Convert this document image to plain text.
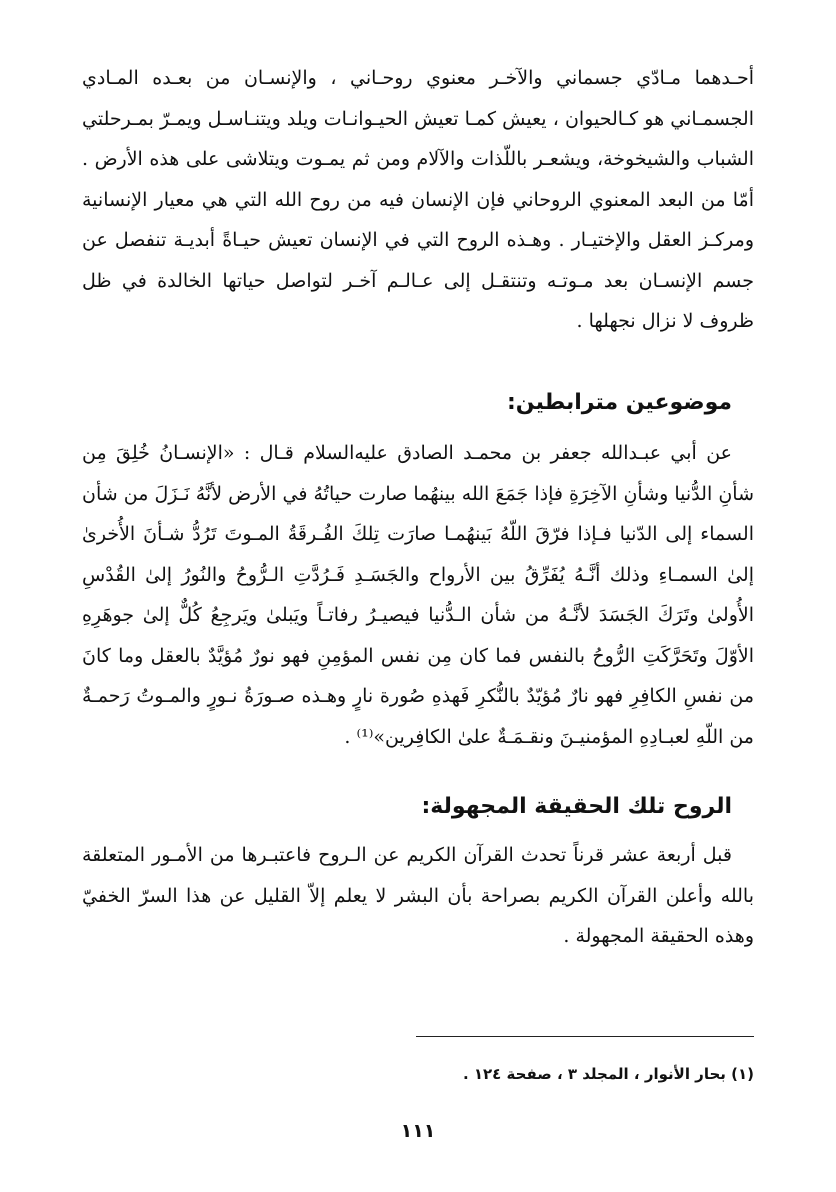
أحـدهما مـادّي جسماني والآخـر معنوي روحـاني ، والإنسـان من بعـده المـادي الجسمـاني هو كـالحيوان ، يعيش كمـا تعيش الحيـوانـات ويلد ويتنـاسـل ويمـرّ بمـرحلتي الشباب والشيخوخة، ويشعـر باللّذات والآلام ومن ثم يمـوت ويتلاشى على هذه الأرض . أمّا من البعد المعنوي الروحاني فإن الإنسان فيه من روح الله التي هي معيار الإنسانية ومركـز العقل والإختيـار . وهـذه الروح التي في الإنسان تعيش حيـاةً أبديـة تنفصل عن جسم الإنسـان بعد مـوتـه وتنتقـل إلى عـالـم آخـر لتواصل حياتها الخالدة في ظل ظروف لا نزال نجهلها .

موضوعين مترابطين:

عن أبي عبـدالله جعفر بن محمـد الصادق عليه‌السلام قـال : «الإنسـانُ خُلِقَ مِن شأنِ الدُّنيا وشأنِ الآخِرَةِ فإذا جَمَعَ الله بينهُما صارت حياتُهُ في الأرض لأنَّهُ نَـزَلَ من شأن السماء إلى الدّنيا فـإذا فرّقَ اللّهُ بَينهُمـا صارَت تِلكَ الفُـرقَةُ المـوتَ تَرُدُّ شـأنَ الأُخرىٰ إلىٰ السمـاءِ وذلك أنَّـهُ يُفَرِّقُ بين الأرواح والجَسَـدِ فَـرُدَّتِ الـرُّوحُ والنُورُ إلىٰ القُدْسِ الأُولىٰ وتَرَكَ الجَسَدَ لأنَّـهُ من شأن الـدُّنيا فيصيـرُ رفاتـاً ويَبلىٰ ويَرجِعُ كُلٌّ إلىٰ جوهَرِهِ الأوّلَ وتَحَرَّكَتِ الرُّوحُ بالنفس فما كان مِن نفس المؤمِنِ فهو نورٌ مُؤيَّدٌ بالعقل وما كانَ من نفسِ الكافِرِ فهو نارٌ مُؤيّدٌ بالنُّكرِ فَهذهِ صُورة نارٍ وهـذه صـورَةُ نـورٍ والمـوتُ رَحمـةٌ من اللّهِ لعبـادِهِ المؤمنيـنَ ونقـمَـةٌ علىٰ الكافِرين»⁽¹⁾ .

الروح تلك الحقيقة المجهولة:

قبل أربعة عشر قرناً تحدث القرآن الكريم عن الـروح فاعتبـرها من الأمـور المتعلقة بالله وأعلن القرآن الكريم بصراحة بأن البشر لا يعلم إلاّ القليل عن هذا السرّ الخفيّ وهذه الحقيقة المجهولة .

(١) بحار الأنوار ، المجلد ٣ ، صفحة ١٢٤ .
١١١
